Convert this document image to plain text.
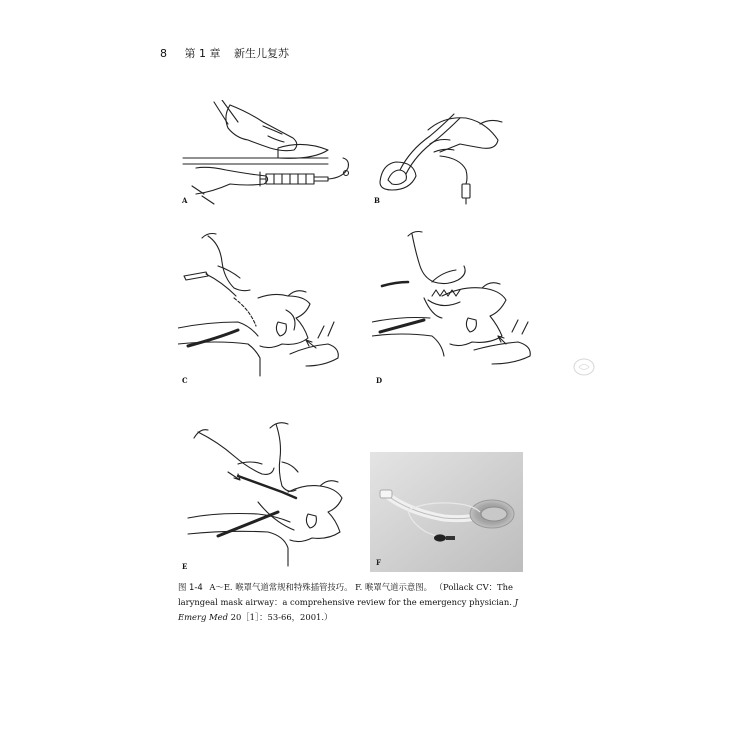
8 第 1 章 新生儿复苏
A	B
C	D
E	F
图 1-4 A～E. 喉罩气道常规和特殊插管技巧。 F. 喉罩气道示意图。 （Pollack CV：The laryngeal mask airway：a comprehensive review for the emergency physician. J Emerg Med 20［1］：53-66，2001.）
